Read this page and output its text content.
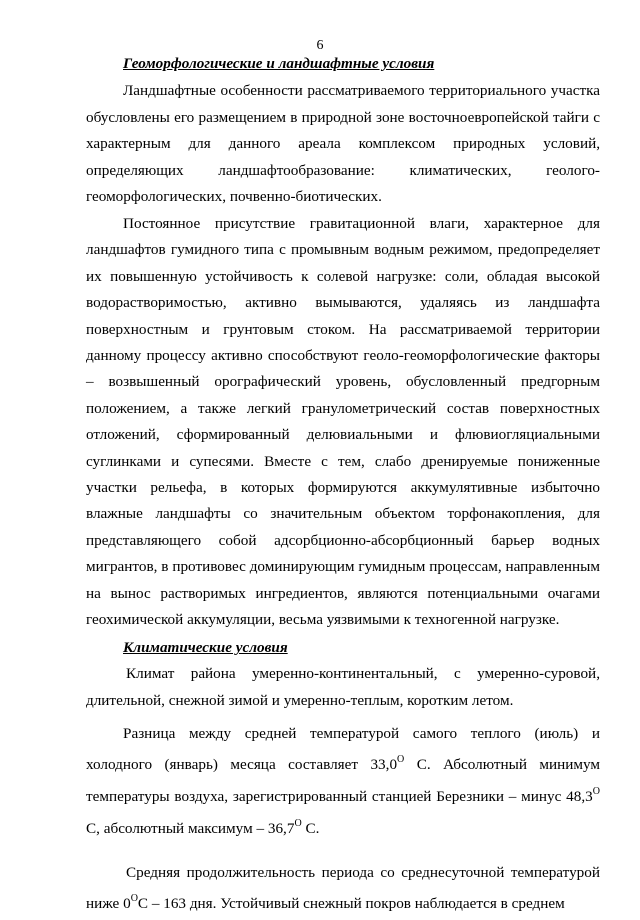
6
Геоморфологические и ландшафтные условия

Ландшафтные особенности рассматриваемого территориального участка обусловлены его размещением в природной зоне восточноевропейской тайги с характерным для данного ареала комплексом природных условий, определяющих ландшафтообразование: климатических, геолого-геоморфологических, почвенно-биотических.

Постоянное присутствие гравитационной влаги, характерное для ландшафтов гумидного типа с промывным водным режимом, предопределяет их повышенную устойчивость к солевой нагрузке: соли, обладая высокой водорастворимостью, активно вымываются, удаляясь из ландшафта поверхностным и грунтовым стоком. На рассматриваемой территории данному процессу активно способствуют геоло-геоморфологические факторы – возвышенный орографический уровень, обусловленный предгорным положением, а также легкий гранулометрический состав поверхностных отложений, сформированный делювиальными и флювиогляциальными суглинками и супесями. Вместе с тем, слабо дренируемые пониженные участки рельефа, в которых формируются аккумулятивные избыточно влажные ландшафты со значительным объектом торфонакопления, для представляющего собой адсорбционно-абсорбционный барьер водных мигрантов, в противовес доминирующим гумидным процессам, направленным на вынос растворимых ингредиентов, являются потенциальными очагами геохимической аккумуляции, весьма уязвимыми к техногенной нагрузке.

Климатические условия

Климат района умеренно-континентальный, с умеренно-суровой, длительной, снежной зимой и умеренно-теплым, коротким летом.

Разница между средней температурой самого теплого (июль) и холодного (январь) месяца составляет $33,0^О$ С. Абсолютный минимум температуры воздуха, зарегистрированный станцией Березники – минус $48,3^О$ С, абсолютный максимум – $36,7^О$ С.

Средняя продолжительность периода со среднесуточной температурой ниже $0^ОС - 163$ дня. Устойчивый снежный покров наблюдается в среднем
